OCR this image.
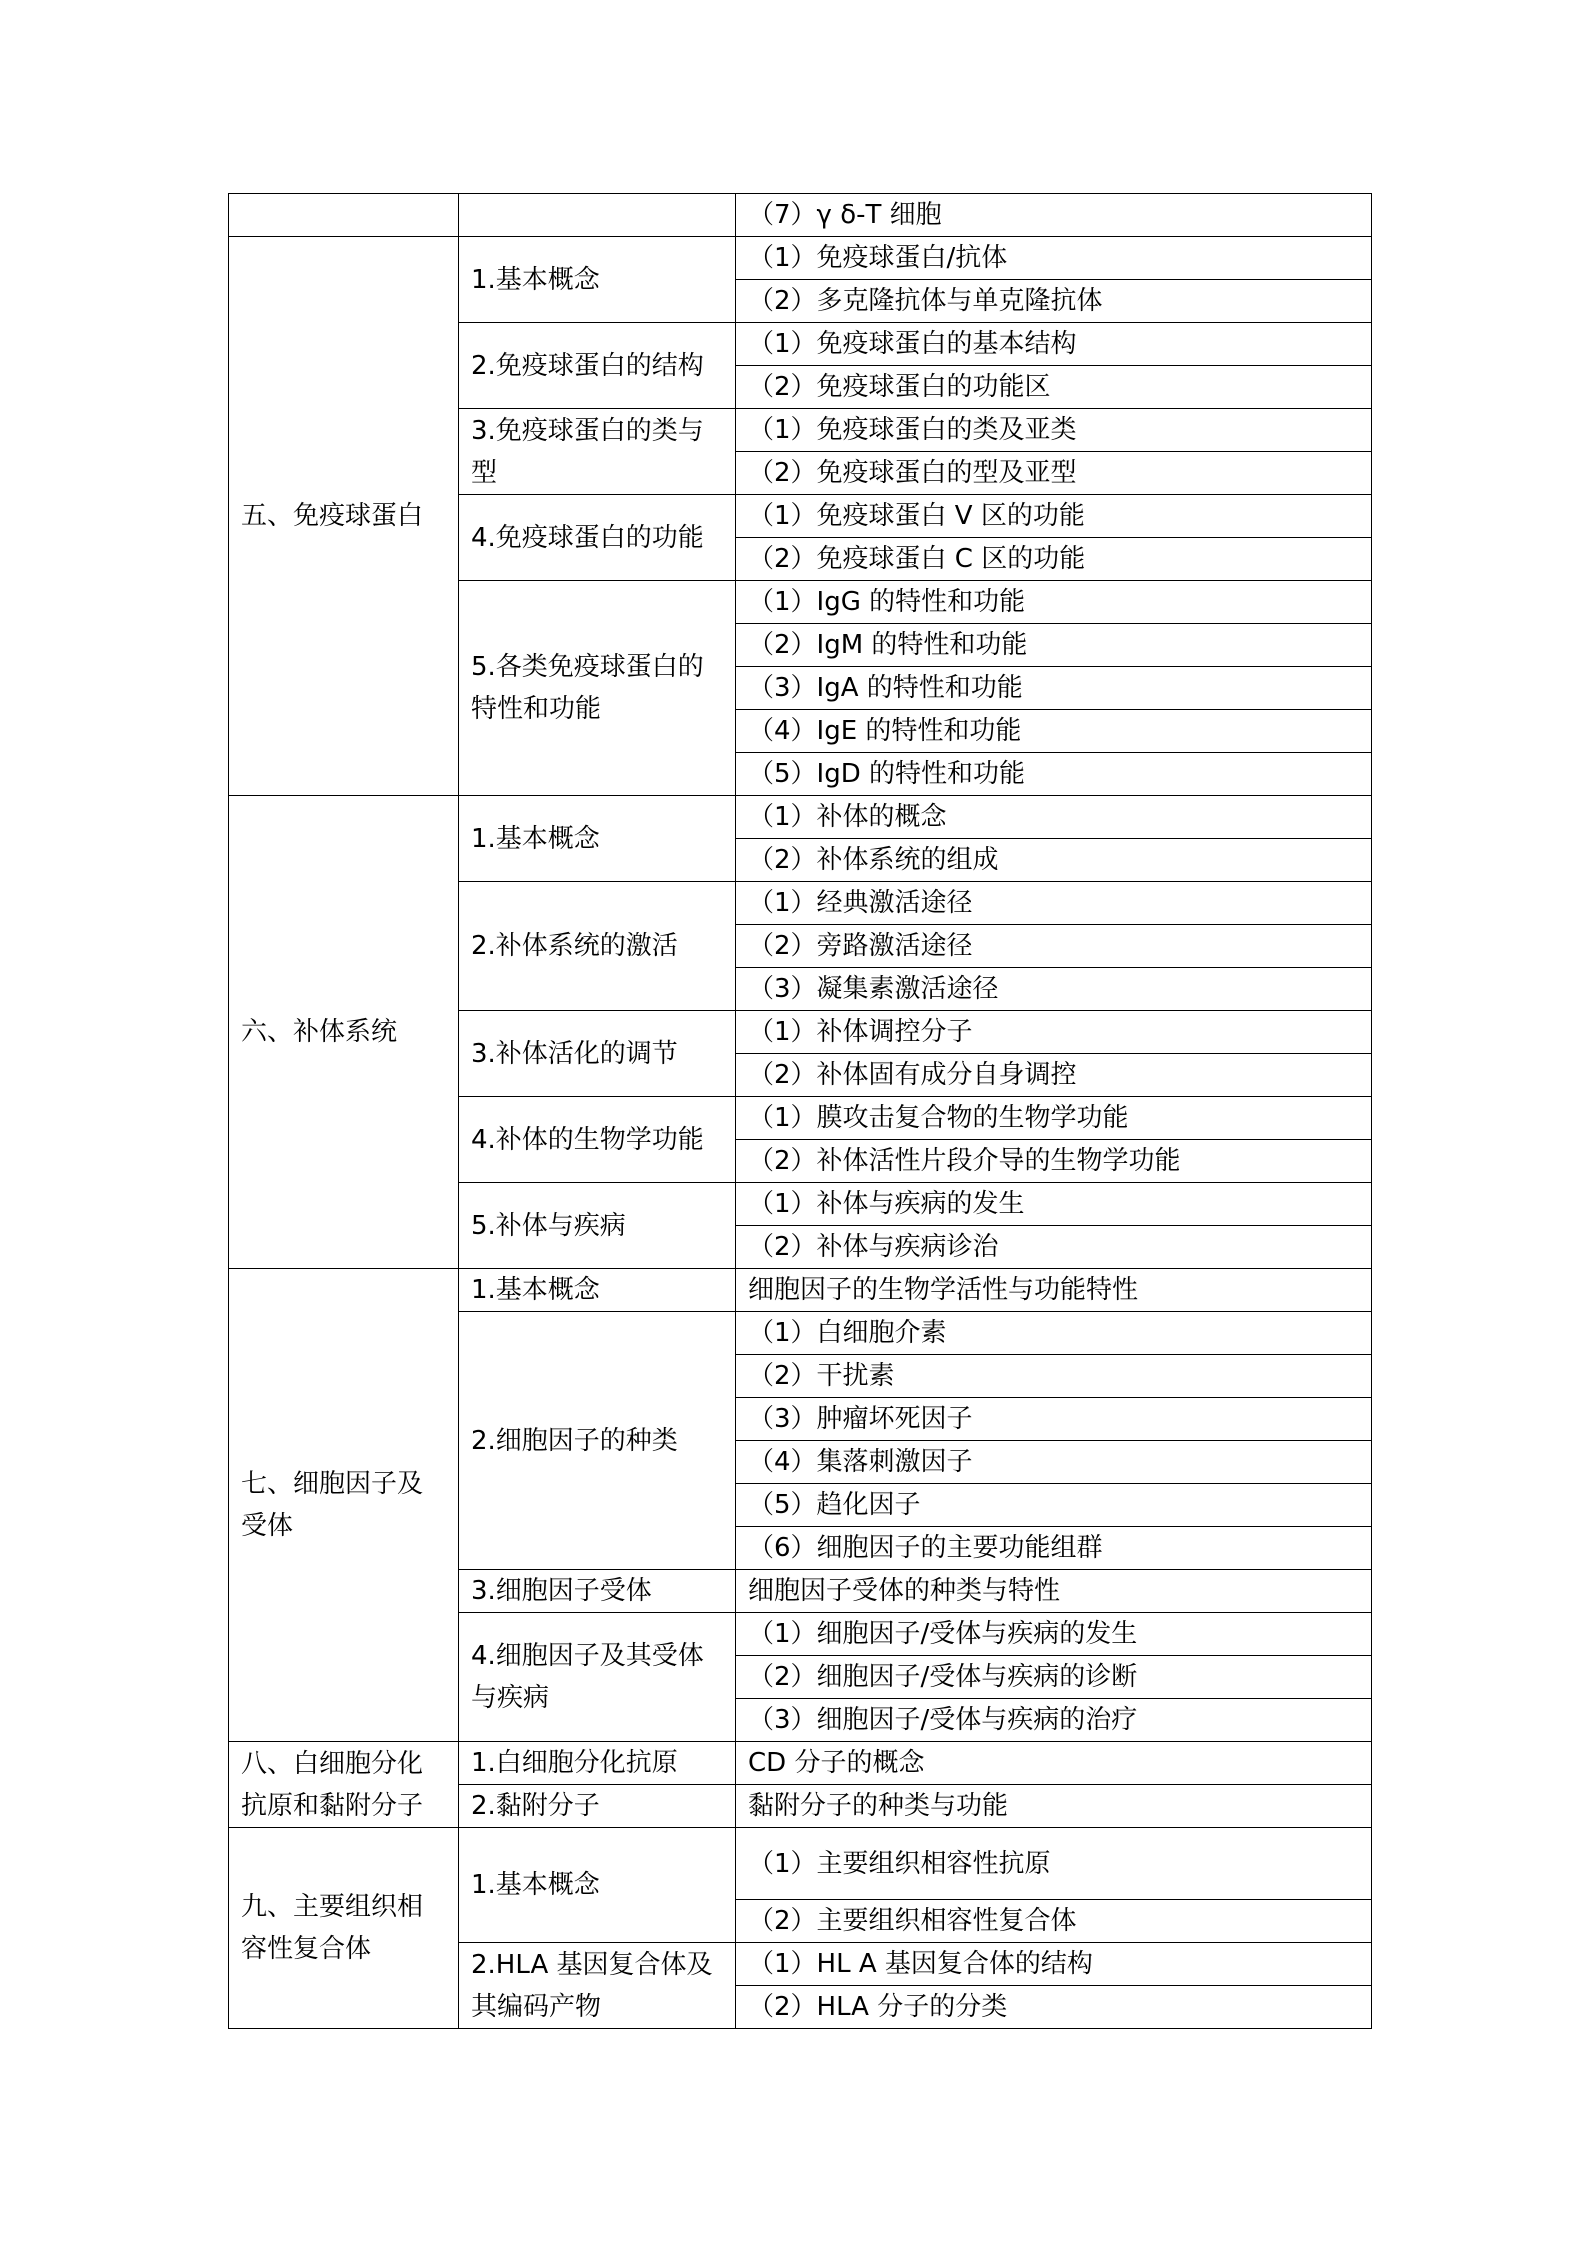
		（7）γ δ-T 细胞
五、免疫球蛋白	1.基本概念	（1）免疫球蛋白/抗体
		（2）多克隆抗体与单克隆抗体
	2.免疫球蛋白的结构	（1）免疫球蛋白的基本结构
		（2）免疫球蛋白的功能区
	3.免疫球蛋白的类与型	（1）免疫球蛋白的类及亚类
		（2）免疫球蛋白的型及亚型
	4.免疫球蛋白的功能	（1）免疫球蛋白 V 区的功能
		（2）免疫球蛋白 C 区的功能
	5.各类免疫球蛋白的特性和功能	（1）IgG 的特性和功能
		（2）IgM 的特性和功能
		（3）IgA 的特性和功能
		（4）IgE 的特性和功能
		（5）IgD 的特性和功能
六、补体系统	1.基本概念	（1）补体的概念
		（2）补体系统的组成
	2.补体系统的激活	（1）经典激活途径
		（2）旁路激活途径
		（3）凝集素激活途径
	3.补体活化的调节	（1）补体调控分子
		（2）补体固有成分自身调控
	4.补体的生物学功能	（1）膜攻击复合物的生物学功能
		（2）补体活性片段介导的生物学功能
	5.补体与疾病	（1）补体与疾病的发生
		（2）补体与疾病诊治
七、细胞因子及受体	1.基本概念	细胞因子的生物学活性与功能特性
	2.细胞因子的种类	（1）白细胞介素
		（2）干扰素
		（3）肿瘤坏死因子
		（4）集落刺激因子
		（5）趋化因子
		（6）细胞因子的主要功能组群
	3.细胞因子受体	细胞因子受体的种类与特性
	4.细胞因子及其受体与疾病	（1）细胞因子/受体与疾病的发生
		（2）细胞因子/受体与疾病的诊断
		（3）细胞因子/受体与疾病的治疗
八、白细胞分化抗原和黏附分子	1.白细胞分化抗原	CD 分子的概念
	2.黏附分子	黏附分子的种类与功能
九、主要组织相容性复合体	1.基本概念	（1）主要组织相容性抗原
		（2）主要组织相容性复合体
	2.HLA 基因复合体及其编码产物	（1）HL A 基因复合体的结构
		（2）HLA 分子的分类
